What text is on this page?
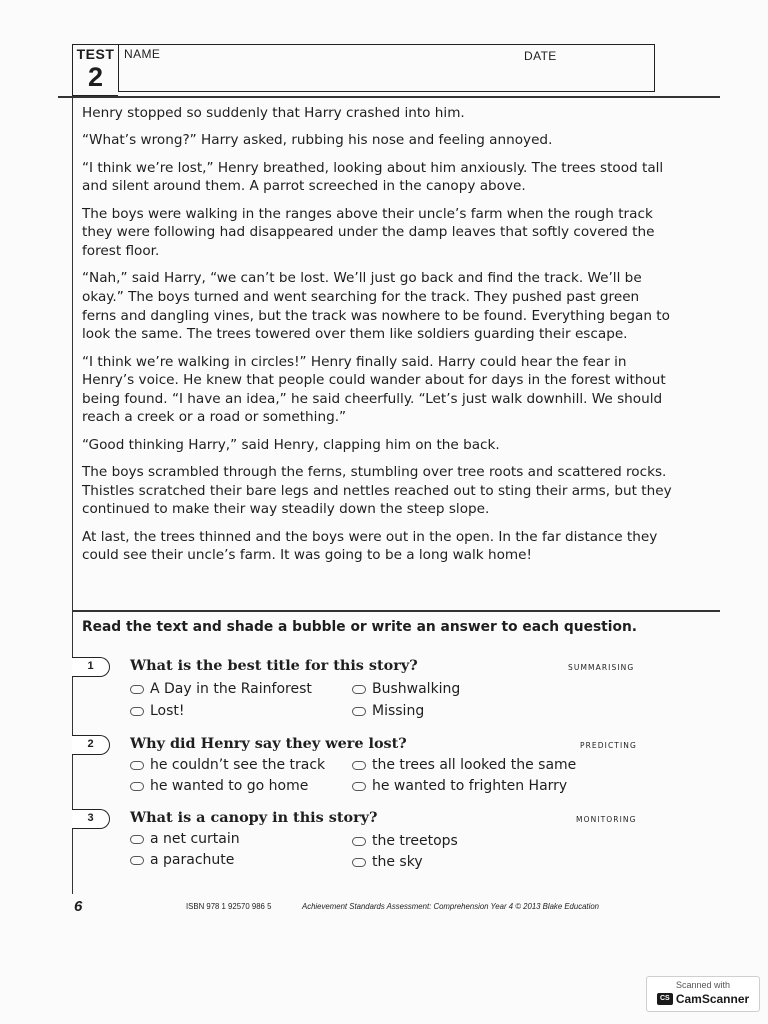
TEST
2
NAME	DATE

Henry stopped so suddenly that Harry crashed into him.

“What’s wrong?” Harry asked, rubbing his nose and feeling annoyed.

“I think we’re lost,” Henry breathed, looking about him anxiously. The trees stood tall and silent around them. A parrot screeched in the canopy above.

The boys were walking in the ranges above their uncle’s farm when the rough track they were following had disappeared under the damp leaves that softly covered the forest floor.

“Nah,” said Harry, “we can’t be lost. We’ll just go back and find the track. We’ll be okay.” The boys turned and went searching for the track. They pushed past green ferns and dangling vines, but the track was nowhere to be found. Everything began to look the same. The trees towered over them like soldiers guarding their escape.

“I think we’re walking in circles!” Henry finally said. Harry could hear the fear in Henry’s voice. He knew that people could wander about for days in the forest without being found. “I have an idea,” he said cheerfully. “Let’s just walk downhill. We should reach a creek or a road or something.”

“Good thinking Harry,” said Henry, clapping him on the back.

The boys scrambled through the ferns, stumbling over tree roots and scattered rocks. Thistles scratched their bare legs and nettles reached out to sting their arms, but they continued to make their way steadily down the steep slope.

At last, the trees thinned and the boys were out in the open. In the far distance they could see their uncle’s farm. It was going to be a long walk home!

Read the text and shade a bubble or write an answer to each question.
1	What is the best title for this story?	SUMMARISING
A Day in the Rainforest	Bushwalking
Lost!	Missing
2	Why did Henry say they were lost?	PREDICTING
he couldn’t see the track	the trees all looked the same
he wanted to go home	he wanted to frighten Harry
3	What is a canopy in this story?	MONITORING
a net curtain	the treetops
a parachute	the sky
6	ISBN 978 1 92570 986 5	Achievement Standards Assessment: Comprehension Year 4 © 2013 Blake Education
Scanned with
CS CamScanner
